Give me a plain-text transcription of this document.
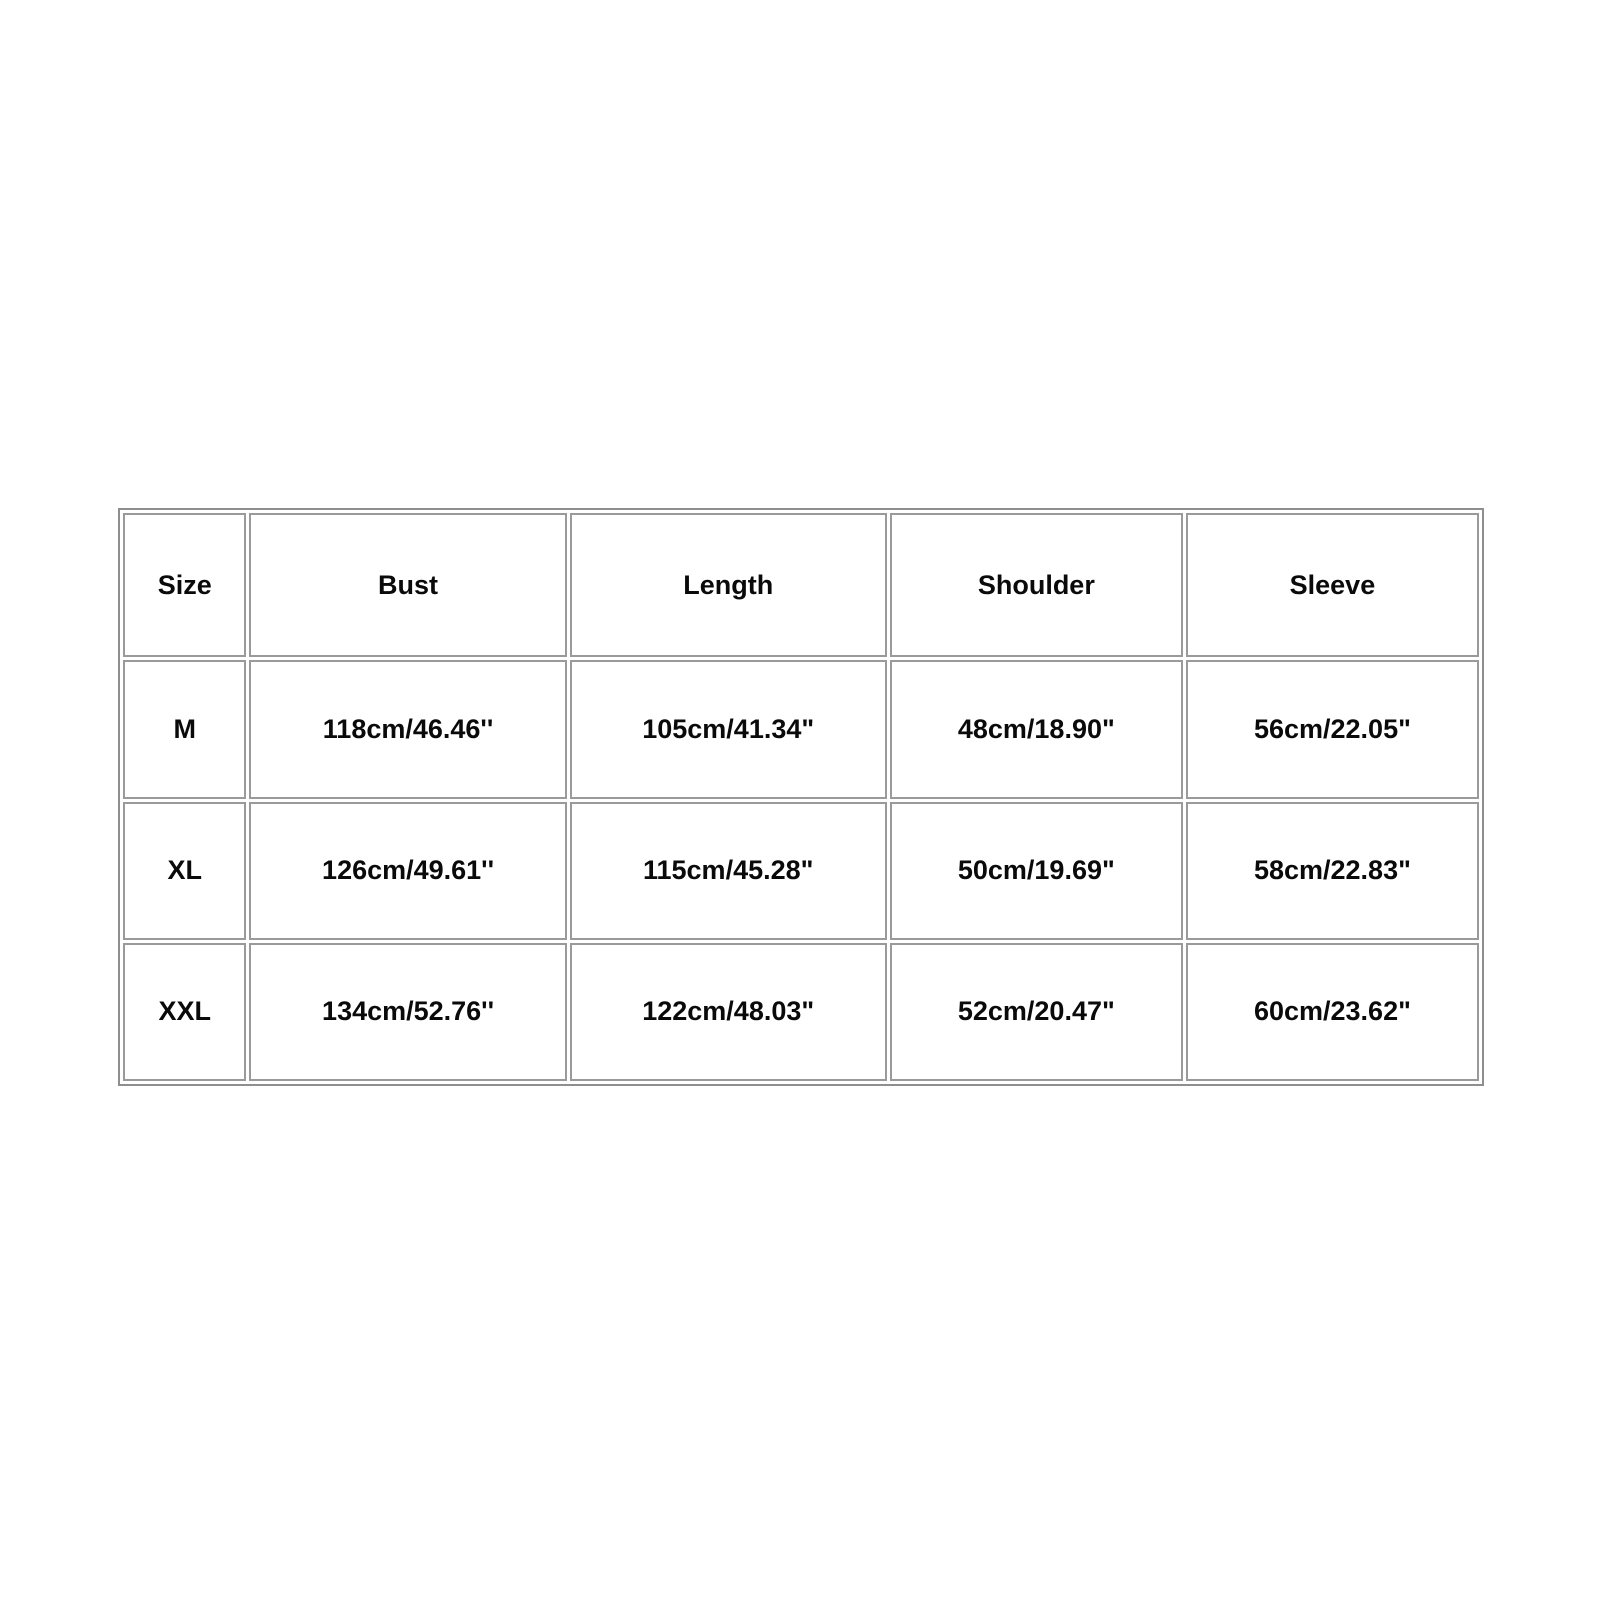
Size	Bust	Length	Shoulder	Sleeve
M	118cm/46.46''	105cm/41.34"	48cm/18.90"	56cm/22.05"
XL	126cm/49.61''	115cm/45.28"	50cm/19.69"	58cm/22.83"
XXL	134cm/52.76''	122cm/48.03"	52cm/20.47"	60cm/23.62"
